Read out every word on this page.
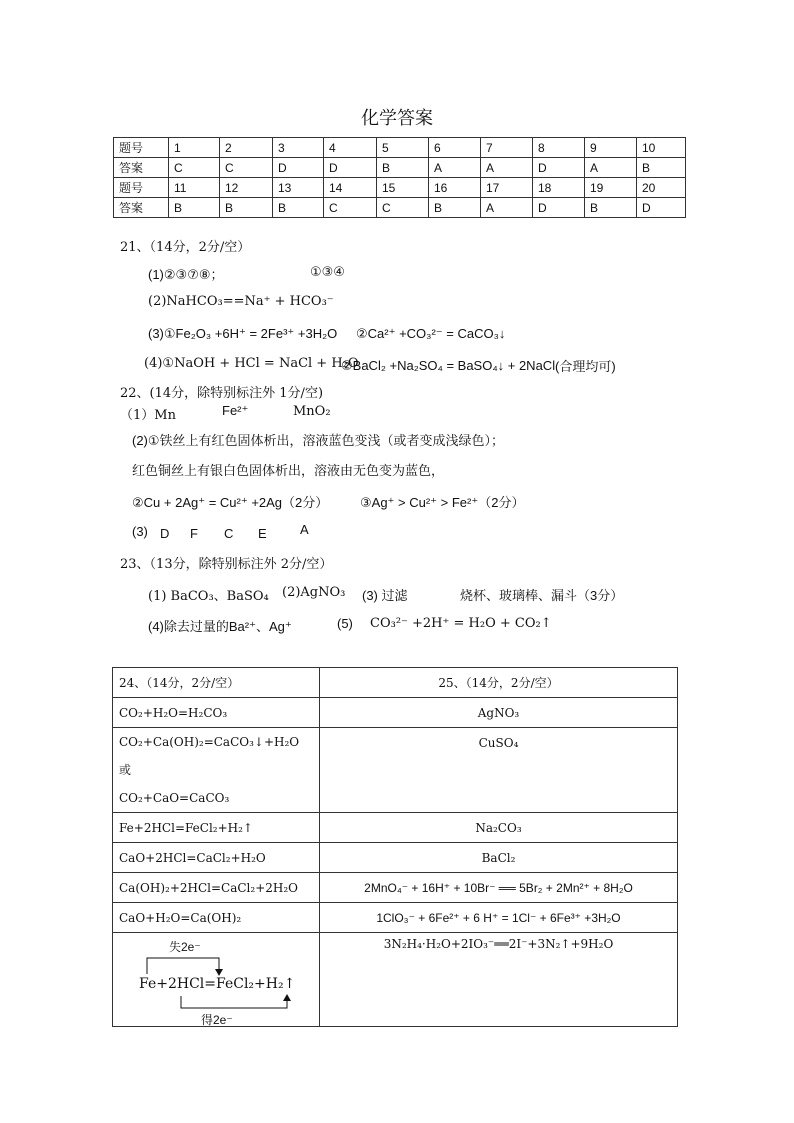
化学答案
题号	1	2	3	4	5	6	7	8	9	10
答案	C	C	D	D	B	A	A	D	A	B
题号	11	12	13	14	15	16	17	18	19	20
答案	B	B	B	C	C	B	A	D	B	D
21、（14分，2分/空）
(1)②③⑦⑧；	①③④
(2)NaHCO₃==Na⁺ + HCO₃⁻
(3)①Fe₂O₃ +6H⁺ = 2Fe³⁺ +3H₂O ②Ca²⁺ +CO₃²⁻ = CaCO₃↓
(4)①NaOH + HCl = NaCl + H₂O
②BaCl₂ +Na₂SO₄ = BaSO₄↓ + 2NaCl (合理均可)
22、(14分，除特别标注外 1分/空)
（1）Mn	Fe²⁺	MnO₂
(2)①铁丝上有红色固体析出，溶液蓝色变浅（或者变成浅绿色）；
红色铜丝上有银白色固体析出，溶液由无色变为蓝色，
②Cu + 2Ag⁺ = Cu²⁺ +2Ag（2分） ③Ag⁺ > Cu²⁺ > Fe²⁺（2分）
(3) D F C E	A
23、（13分，除特别标注外 2分/空）
(1) BaCO₃、BaSO₄ (2)AgNO₃ (3) 过滤	烧杯、玻璃棒、漏斗（3分）
(4)除去过量的Ba²⁺、Ag⁺	(5) CO₃²⁻ +2H⁺ = H₂O + CO₂↑
24、（14分，2分/空）	25、（14分，2分/空）
CO₂+H₂O=H₂CO₃	AgNO₃

CO₂+Ca(OH)₂=CaCO₃↓+H₂O 或
CO₂+CaO=CaCO₃	CuSO₄
Fe+2HCl=FeCl₂+H₂↑	Na₂CO₃
CaO+2HCl=CaCl₂+H₂O	BaCl₂
Ca(OH)₂+2HCl=CaCl₂+2H₂O	2MnO₄⁻ + 16H⁺ + 10Br⁻ ══ 5Br₂ + 2Mn²⁺ + 8H₂O
CaO+H₂O=Ca(OH)₂	1ClO₃⁻ + 6Fe²⁺ + 6 H⁺ = 1Cl⁻ + 6Fe³⁺ +3H₂O

失2e⁻
Fe+2HCl=FeCl₂+H₂↑
得2e⁻	3N₂H₄·H₂O+2IO₃⁻══2I⁻+3N₂↑+9H₂O
